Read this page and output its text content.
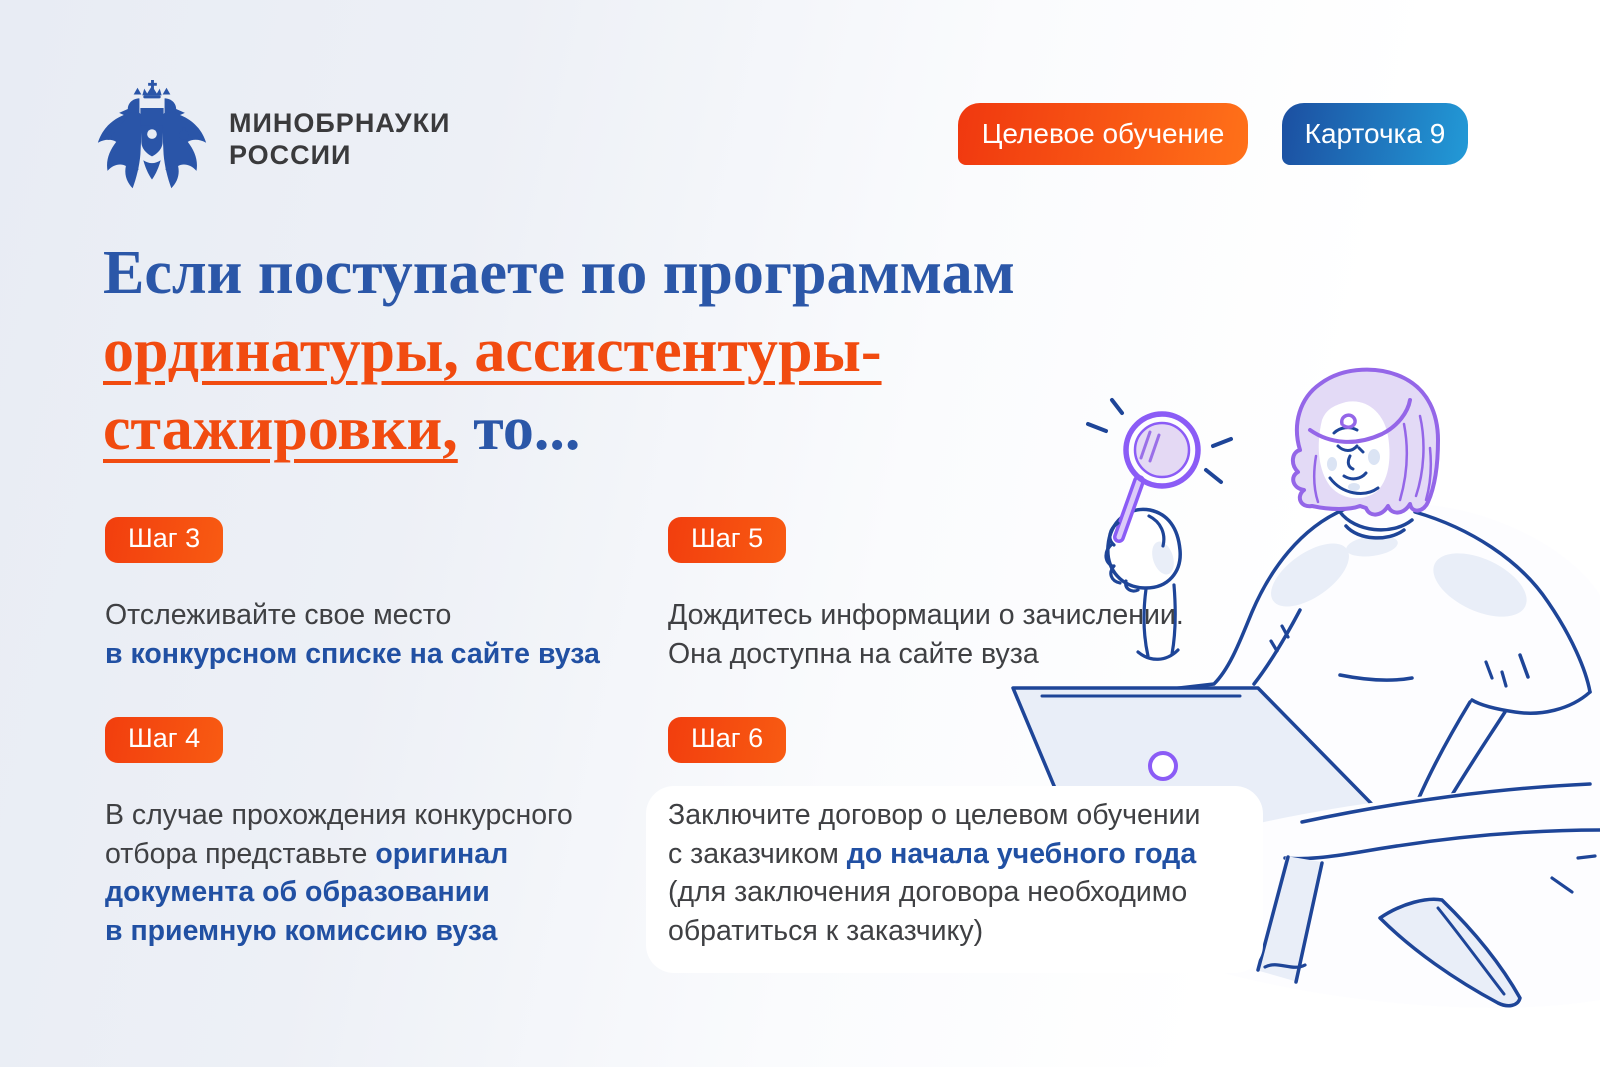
МИНОБРНАУКИ
РОССИИ
Целевое обучение	Карточка 9
Если поступаете по программам
ординатуры, ассистентуры-
стажировки, то...
Шаг 3
Отслеживайте свое место
в конкурсном списке на сайте вуза
Шаг 4
В случае прохождения конкурсного
отбора представьте оригинал
документа об образовании
в приемную комиссию вуза
Шаг 5
Дождитесь информации о зачислении.
Она доступна на сайте вуза
Шаг 6
Заключите договор о целевом обучении
с заказчиком до начала учебного года
(для заключения договора необходимо
обратиться к заказчику)
